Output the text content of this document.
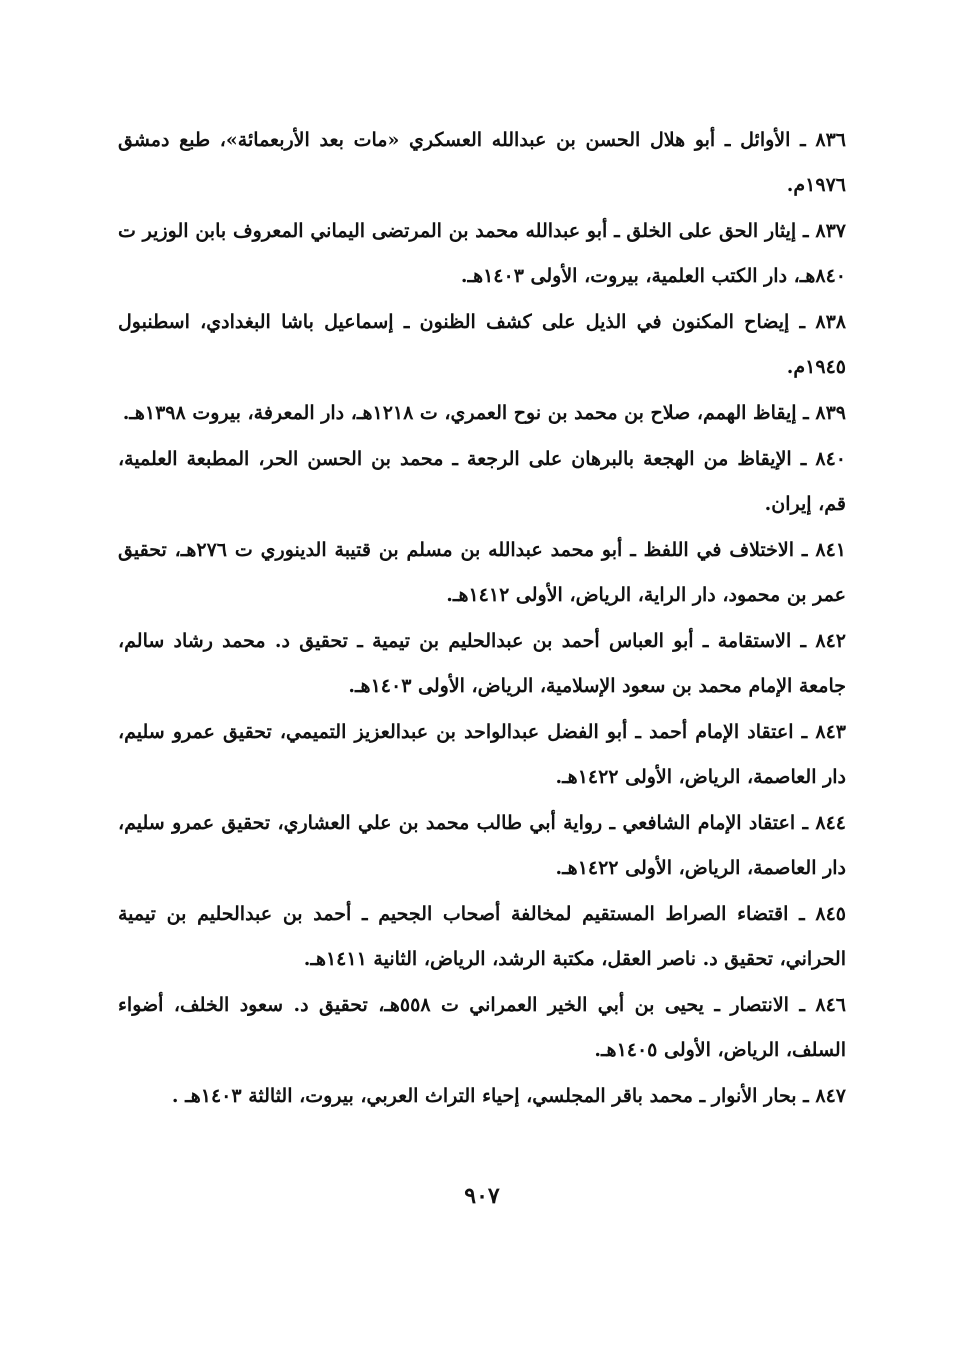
٨٣٦ ـ الأوائل ـ أبو هلال الحسن بن عبدالله العسكري «مات بعد الأربعمائة»، طبع دمشق ١٩٧٦م.
٨٣٧ ـ إيثار الحق على الخلق ـ أبو عبدالله محمد بن المرتضى اليماني المعروف بابن الوزير ت ٨٤٠هـ، دار الكتب العلمية، بيروت، الأولى ١٤٠٣هـ.
٨٣٨ ـ إيضاح المكنون في الذيل على كشف الظنون ـ إسماعيل باشا البغدادي، اسطنبول ١٩٤٥م.
٨٣٩ ـ إيقاظ الهمم، صلاح بن محمد بن نوح العمري، ت ١٢١٨هـ، دار المعرفة، بيروت ١٣٩٨هـ.
٨٤٠ ـ الإيقاظ من الهجعة بالبرهان على الرجعة ـ محمد بن الحسن الحر، المطبعة العلمية، قم، إيران.
٨٤١ ـ الاختلاف في اللفظ ـ أبو محمد عبدالله بن مسلم بن قتيبة الدينوري ت ٢٧٦هـ، تحقيق عمر بن محمود، دار الراية، الرياض، الأولى ١٤١٢هـ.
٨٤٢ ـ الاستقامة ـ أبو العباس أحمد بن عبدالحليم بن تيمية ـ تحقيق د. محمد رشاد سالم، جامعة الإمام محمد بن سعود الإسلامية، الرياض، الأولى ١٤٠٣هـ.
٨٤٣ ـ اعتقاد الإمام أحمد ـ أبو الفضل عبدالواحد بن عبدالعزيز التميمي، تحقيق عمرو سليم، دار العاصمة، الرياض، الأولى ١٤٢٢هـ.
٨٤٤ ـ اعتقاد الإمام الشافعي ـ رواية أبي طالب محمد بن علي العشاري، تحقيق عمرو سليم، دار العاصمة، الرياض، الأولى ١٤٢٢هـ.
٨٤٥ ـ اقتضاء الصراط المستقيم لمخالفة أصحاب الجحيم ـ أحمد بن عبدالحليم بن تيمية الحراني، تحقيق د. ناصر العقل، مكتبة الرشد، الرياض، الثانية ١٤١١هـ.
٨٤٦ ـ الانتصار ـ يحيى بن أبي الخير العمراني ت ٥٥٨هـ، تحقيق د. سعود الخلف، أضواء السلف، الرياض، الأولى ١٤٠٥هـ.
٨٤٧ ـ بحار الأنوار ـ محمد باقر المجلسي، إحياء التراث العربي، بيروت، الثالثة ١٤٠٣هـ .
٩٠٧
